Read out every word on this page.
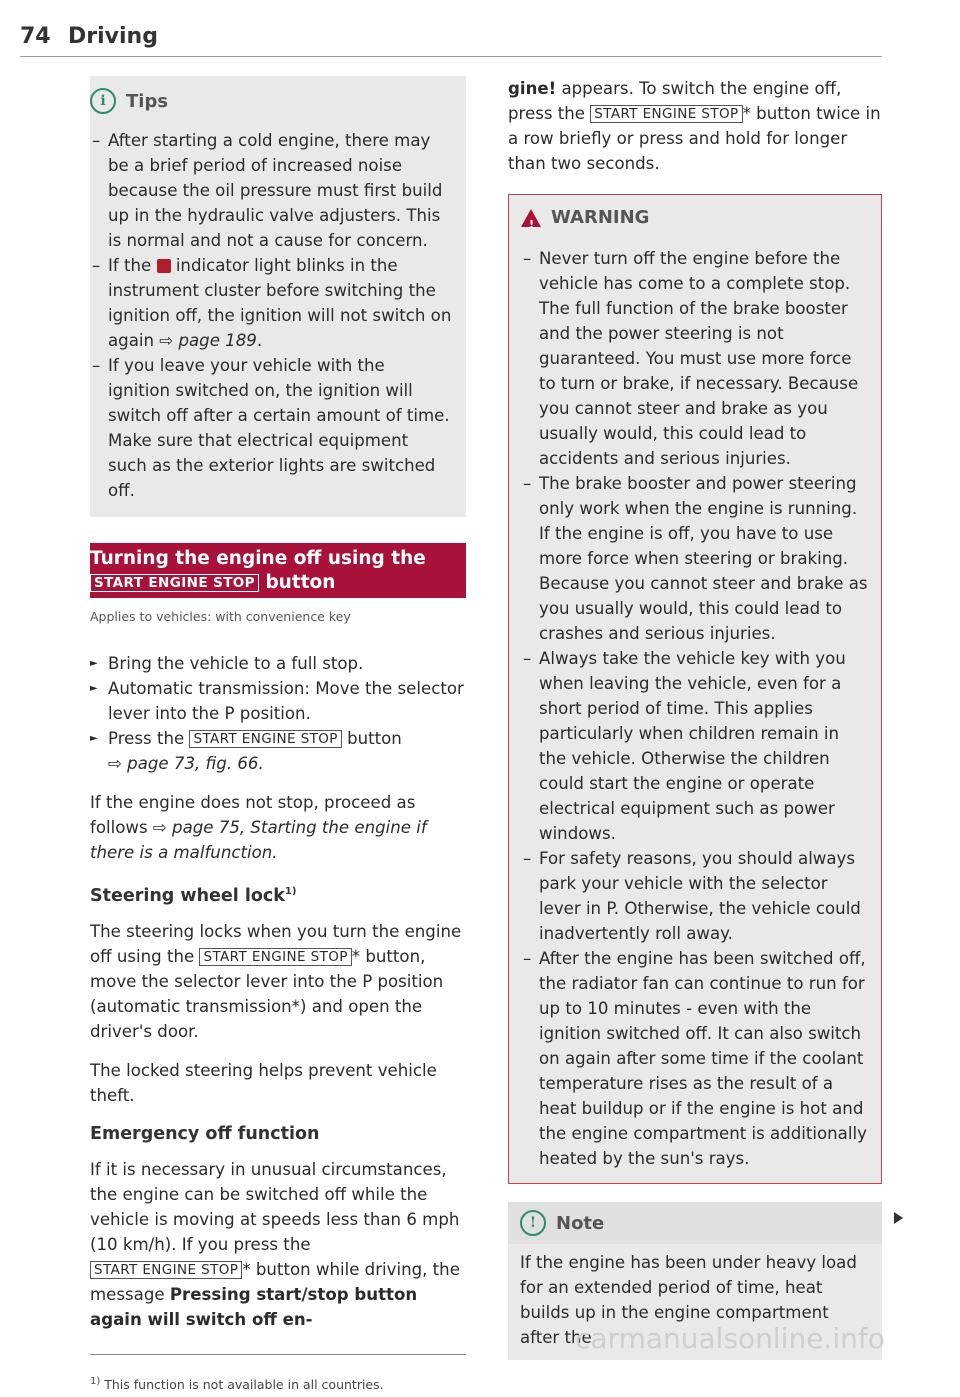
74 Driving
i	Tips
– After starting a cold engine, there may be a brief period of increased noise because the oil pressure must first build up in the hydraulic valve adjusters. This is normal and not a cause for concern.
– If the indicator light blinks in the instrument cluster before switching the ignition off, the ignition will not switch on again ⇨ page 189.
– If you leave your vehicle with the ignition switched on, the ignition will switch off after a certain amount of time. Make sure that electrical equipment such as the exterior lights are switched off.
Turning the engine off using the
START ENGINE STOP button
Applies to vehicles: with convenience key
► Bring the vehicle to a full stop.
► Automatic transmission: Move the selector lever into the P position.
► Press the START ENGINE STOP button
⇨ page 73, fig. 66.

If the engine does not stop, proceed as follows ⇨ page 75, Starting the engine if there is a malfunction.

Steering wheel lock$^{1)}$

The steering locks when you turn the engine off using the START ENGINE STOP * button, move the selector lever into the P position (automatic transmission*) and open the driver's door.

The locked steering helps prevent vehicle theft.

Emergency off function

If it is necessary in unusual circumstances, the engine can be switched off while the vehicle is moving at speeds less than 6 mph (10 km/h). If you press the START ENGINE STOP * button while driving, the message Pressing start/stop button again will switch off en-

$^{1)}$ This function is not available in all countries.

gine! appears. To switch the engine off, press the START ENGINE STOP * button twice in a row briefly or press and hold for longer than two seconds.

! WARNING
– Never turn off the engine before the vehicle has come to a complete stop. The full function of the brake booster and the power steering is not guaranteed. You must use more force to turn or brake, if necessary. Because you cannot steer and brake as you usually would, this could lead to accidents and serious injuries.
– The brake booster and power steering only work when the engine is running. If the engine is off, you have to use more force when steering or braking. Because you cannot steer and brake as you usually would, this could lead to crashes and serious injuries.
– Always take the vehicle key with you when leaving the vehicle, even for a short period of time. This applies particularly when children remain in the vehicle. Otherwise the children could start the engine or operate electrical equipment such as power windows.
– For safety reasons, you should always park your vehicle with the selector lever in P. Otherwise, the vehicle could inadvertently roll away.
– After the engine has been switched off, the radiator fan can continue to run for up to 10 minutes - even with the ignition switched off. It can also switch on again after some time if the coolant temperature rises as the result of a heat buildup or if the engine is hot and the engine compartment is additionally heated by the sun's rays.
!	Note
If the engine has been under heavy load for an extended period of time, heat builds up in the engine compartment after the
carmanualsonline.info
